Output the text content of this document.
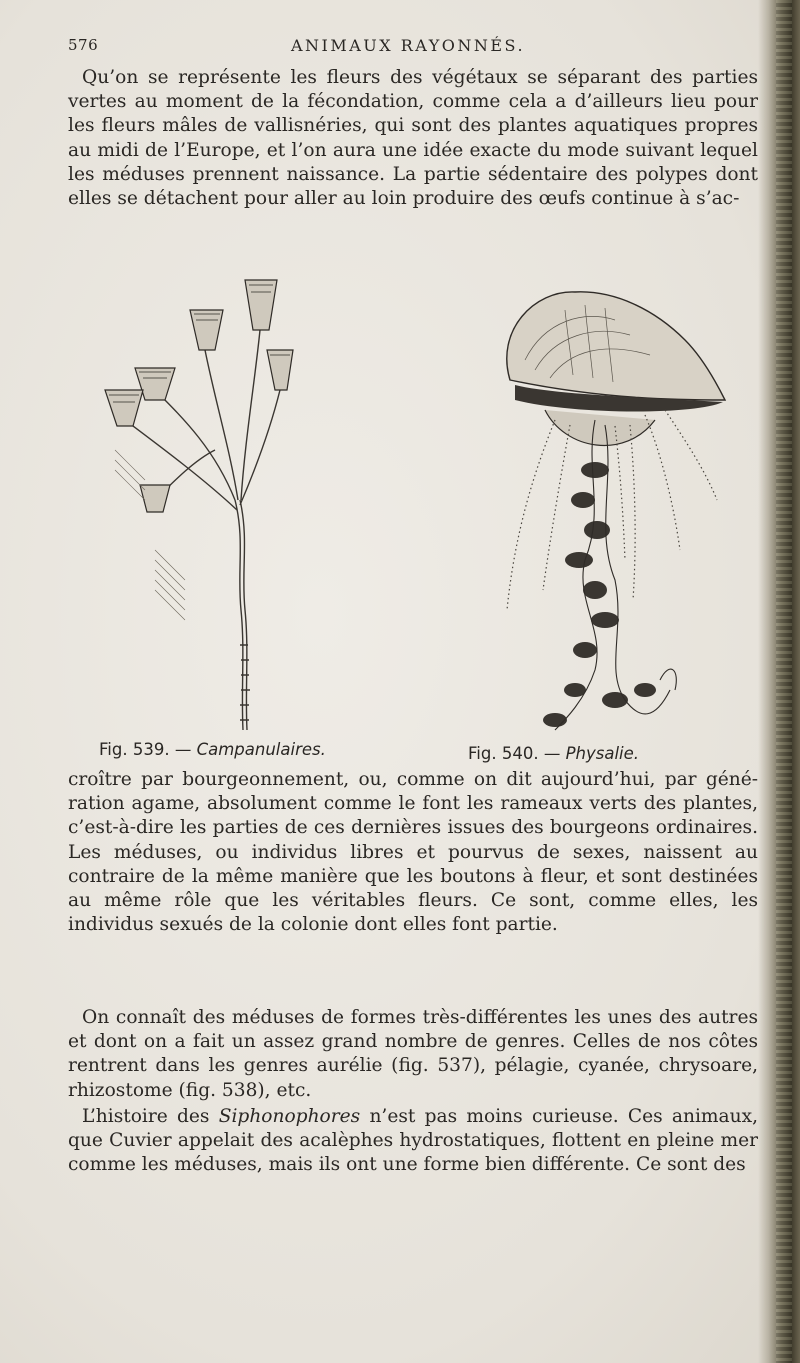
ANIMAUX RAYONNÉS.
576
Qu’on se représente les fleurs des végétaux se séparant des parties vertes au moment de la fécondation, comme cela a d’ailleurs lieu pour les fleurs mâles de vallisnéries, qui sont des plantes aquatiques propres au midi de l’Europe, et l’on aura une idée exacte du mode suivant lequel les méduses prennent naissance. La partie sédentaire des polypes dont elles se détachent pour aller au loin produire des œufs continue à s’ac-
Fig. 539. — Campanulaires.	Fig. 540. — Physalie.
croître par bourgeonnement, ou, comme on dit aujourd’hui, par géné-ration agame, absolument comme le font les rameaux verts des plantes, c’est-à-dire les parties de ces dernières issues des bourgeons ordinaires. Les méduses, ou individus libres et pourvus de sexes, naissent au contraire de la même manière que les boutons à fleur, et sont destinées au même rôle que les véritables fleurs. Ce sont, comme elles, les individus sexués de la colonie dont elles font partie.
On connaît des méduses de formes très-différentes les unes des autres et dont on a fait un assez grand nombre de genres. Celles de nos côtes rentrent dans les genres aurélie (fig. 537), pélagie, cyanée, chrysoare, rhizostome (fig. 538), etc.
L’histoire des Siphonophores n’est pas moins curieuse. Ces animaux, que Cuvier appelait des acalèphes hydrostatiques, flottent en pleine mer comme les méduses, mais ils ont une forme bien différente. Ce sont des
